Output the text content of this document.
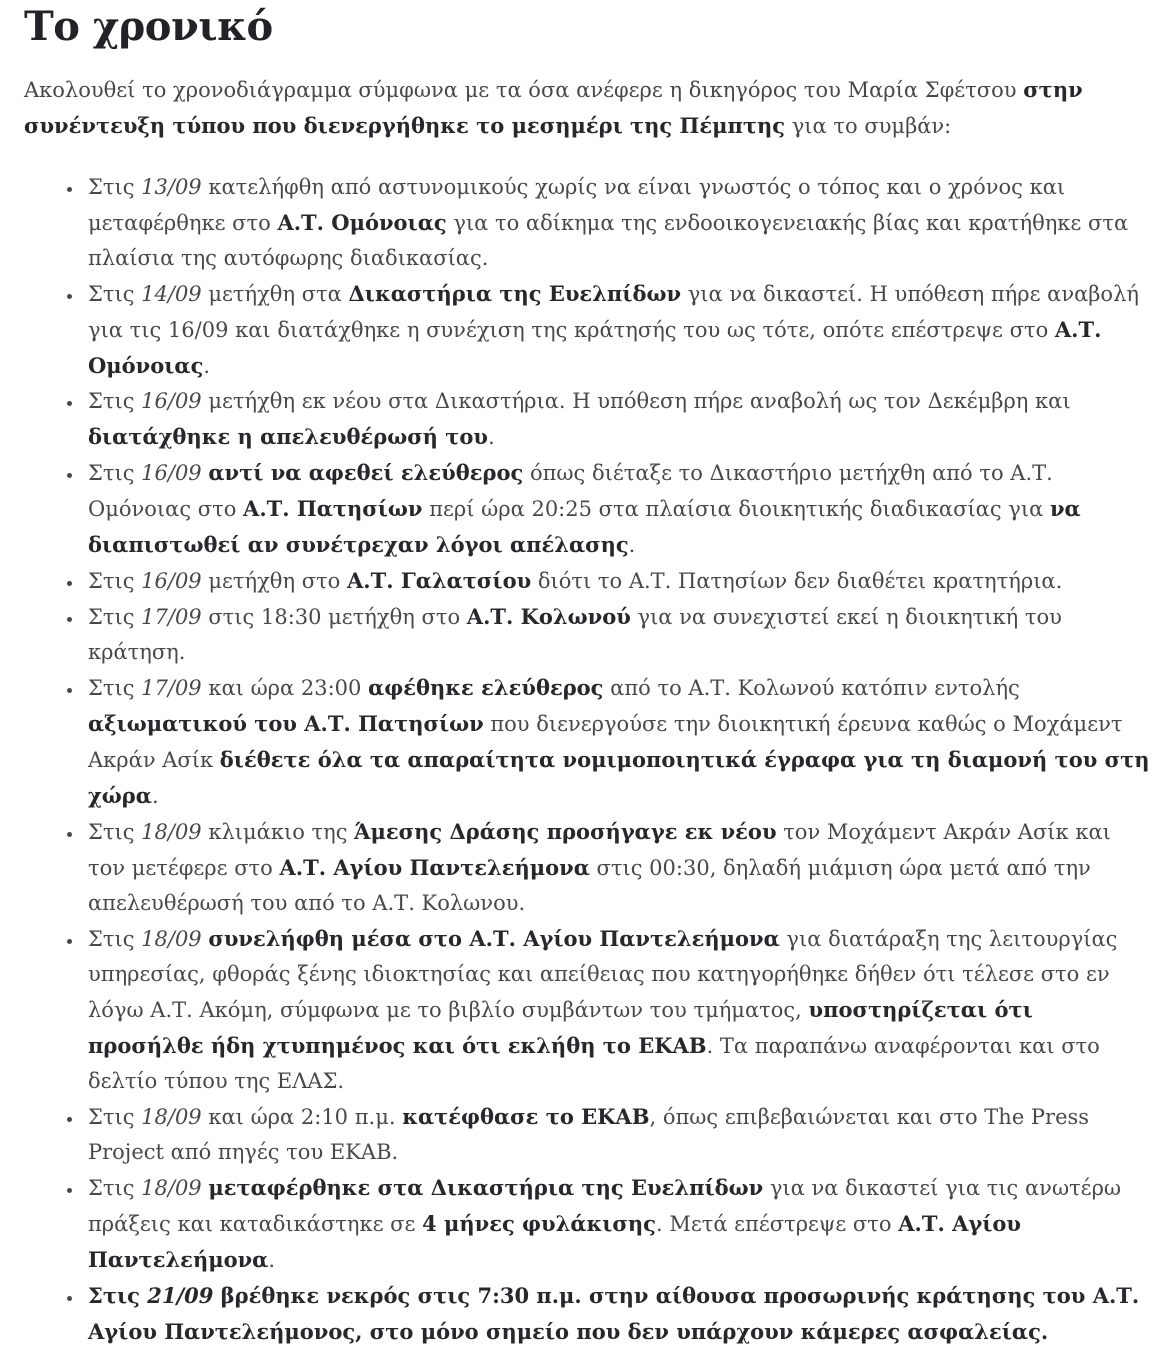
Το χρονικό

Ακολουθεί το χρονοδιάγραμμα σύμφωνα με τα όσα ανέφερε η δικηγόρος του Μαρία Σφέτσου στην συνέντευξη τύπου που διενεργήθηκε το μεσημέρι της Πέμπτης για το συμβάν:

• Στις 13/09 κατελήφθη από αστυνομικούς χωρίς να είναι γνωστός ο τόπος και ο χρόνος και μεταφέρθηκε στο Α.Τ. Ομόνοιας για το αδίκημα της ενδοοικογενειακής βίας και κρατήθηκε στα πλαίσια της αυτόφωρης διαδικασίας.
• Στις 14/09 μετήχθη στα Δικαστήρια της Ευελπίδων για να δικαστεί. Η υπόθεση πήρε αναβολή για τις 16/09 και διατάχθηκε η συνέχιση της κράτησής του ως τότε, οπότε επέστρεψε στο Α.Τ. Ομόνοιας.
• Στις 16/09 μετήχθη εκ νέου στα Δικαστήρια. Η υπόθεση πήρε αναβολή ως τον Δεκέμβρη και διατάχθηκε η απελευθέρωσή του.
• Στις 16/09 αντί να αφεθεί ελεύθερος όπως διέταξε το Δικαστήριο μετήχθη από το Α.Τ. Ομόνοιας στο Α.Τ. Πατησίων περί ώρα 20:25 στα πλαίσια διοικητικής διαδικασίας για να διαπιστωθεί αν συνέτρεχαν λόγοι απέλασης.
• Στις 16/09 μετήχθη στο Α.Τ. Γαλατσίου διότι το Α.Τ. Πατησίων δεν διαθέτει κρατητήρια.
• Στις 17/09 στις 18:30 μετήχθη στο Α.Τ. Κολωνού για να συνεχιστεί εκεί η διοικητική του κράτηση.
• Στις 17/09 και ώρα 23:00 αφέθηκε ελεύθερος από το Α.Τ. Κολωνού κατόπιν εντολής αξιωματικού του Α.Τ. Πατησίων που διενεργούσε την διοικητική έρευνα καθώς ο Μοχάμεντ Ακράν Ασίκ διέθετε όλα τα απαραίτητα νομιμοποιητικά έγραφα για τη διαμονή του στη χώρα.
• Στις 18/09 κλιμάκιο της Άμεσης Δράσης προσήγαγε εκ νέου τον Μοχάμεντ Ακράν Ασίκ και τον μετέφερε στο Α.Τ. Αγίου Παντελεήμονα στις 00:30, δηλαδή μιάμιση ώρα μετά από την απελευθέρωσή του από το Α.Τ. Κολωνου.
• Στις 18/09 συνελήφθη μέσα στο Α.Τ. Αγίου Παντελεήμονα για διατάραξη της λειτουργίας υπηρεσίας, φθοράς ξένης ιδιοκτησίας και απείθειας που κατηγορήθηκε δήθεν ότι τέλεσε στο εν λόγω Α.Τ. Ακόμη, σύμφωνα με το βιβλίο συμβάντων του τμήματος, υποστηρίζεται ότι προσήλθε ήδη χτυπημένος και ότι εκλήθη το ΕΚΑΒ. Τα παραπάνω αναφέρονται και στο δελτίο τύπου της ΕΛΑΣ.
• Στις 18/09 και ώρα 2:10 π.μ. κατέφθασε το ΕΚΑΒ, όπως επιβεβαιώνεται και στο The Press Project από πηγές του ΕΚΑΒ.
• Στις 18/09 μεταφέρθηκε στα Δικαστήρια της Ευελπίδων για να δικαστεί για τις ανωτέρω πράξεις και καταδικάστηκε σε 4 μήνες φυλάκισης. Μετά επέστρεψε στο Α.Τ. Αγίου Παντελεήμονα.
• Στις 21/09 βρέθηκε νεκρός στις 7:30 π.μ. στην αίθουσα προσωρινής κράτησης του Α.Τ. Αγίου Παντελεήμονος, στο μόνο σημείο που δεν υπάρχουν κάμερες ασφαλείας.
